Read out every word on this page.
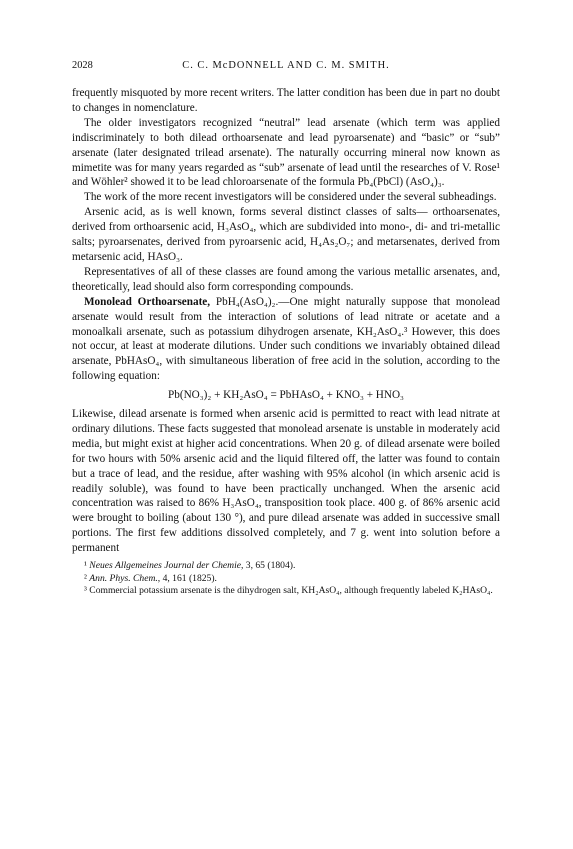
2028	C. C. McDONNELL AND C. M. SMITH.

frequently misquoted by more recent writers. The latter condition has been due in part no doubt to changes in nomenclature.

The older investigators recognized “neutral” lead arsenate (which term was applied indiscriminately to both dilead orthoarsenate and lead pyroarsenate) and “basic” or “sub” arsenate (later designated trilead arsenate). The naturally occurring mineral now known as mimetite was for many years regarded as “sub” arsenate of lead until the researches of V. Rose¹ and Wöhler² showed it to be lead chloroarsenate of the formula Pb₄(PbCl) (AsO₄)₃.

The work of the more recent investigators will be considered under the several subheadings.

Arsenic acid, as is well known, forms several distinct classes of salts— orthoarsenates, derived from orthoarsenic acid, H₃AsO₄, which are subdivided into mono-, di- and tri-metallic salts; pyroarsenates, derived from pyroarsenic acid, H₄As₂O₇; and metarsenates, derived from metarsenic acid, HAsO₃.

Representatives of all of these classes are found among the various metallic arsenates, and, theoretically, lead should also form corresponding compounds.

Monolead Orthoarsenate, PbH₄(AsO₄)₂.—One might naturally suppose that monolead arsenate would result from the interaction of solutions of lead nitrate or acetate and a monoalkali arsenate, such as potassium dihydrogen arsenate, KH₂AsO₄.³ However, this does not occur, at least at moderate dilutions. Under such conditions we invariably obtained dilead arsenate, PbHAsO₄, with simultaneous liberation of free acid in the solution, according to the following equation:

Pb(NO₃)₂ + KH₂AsO₄ = PbHAsO₄ + KNO₃ + HNO₃

Likewise, dilead arsenate is formed when arsenic acid is permitted to react with lead nitrate at ordinary dilutions. These facts suggested that monolead arsenate is unstable in moderately acid media, but might exist at higher acid concentrations. When 20 g. of dilead arsenate were boiled for two hours with 50% arsenic acid and the liquid filtered off, the latter was found to contain but a trace of lead, and the residue, after washing with 95% alcohol (in which arsenic acid is readily soluble), was found to have been practically unchanged. When the arsenic acid concentration was raised to 86% H₃AsO₄, transposition took place. 400 g. of 86% arsenic acid were brought to boiling (about 130 °), and pure dilead arsenate was added in successive small portions. The first few additions dissolved completely, and 7 g. went into solution before a permanent

¹ Neues Allgemeines Journal der Chemie, 3, 65 (1804).
² Ann. Phys. Chem., 4, 161 (1825).
³ Commercial potassium arsenate is the dihydrogen salt, KH₂AsO₄, although frequently labeled K₂HAsO₄.
